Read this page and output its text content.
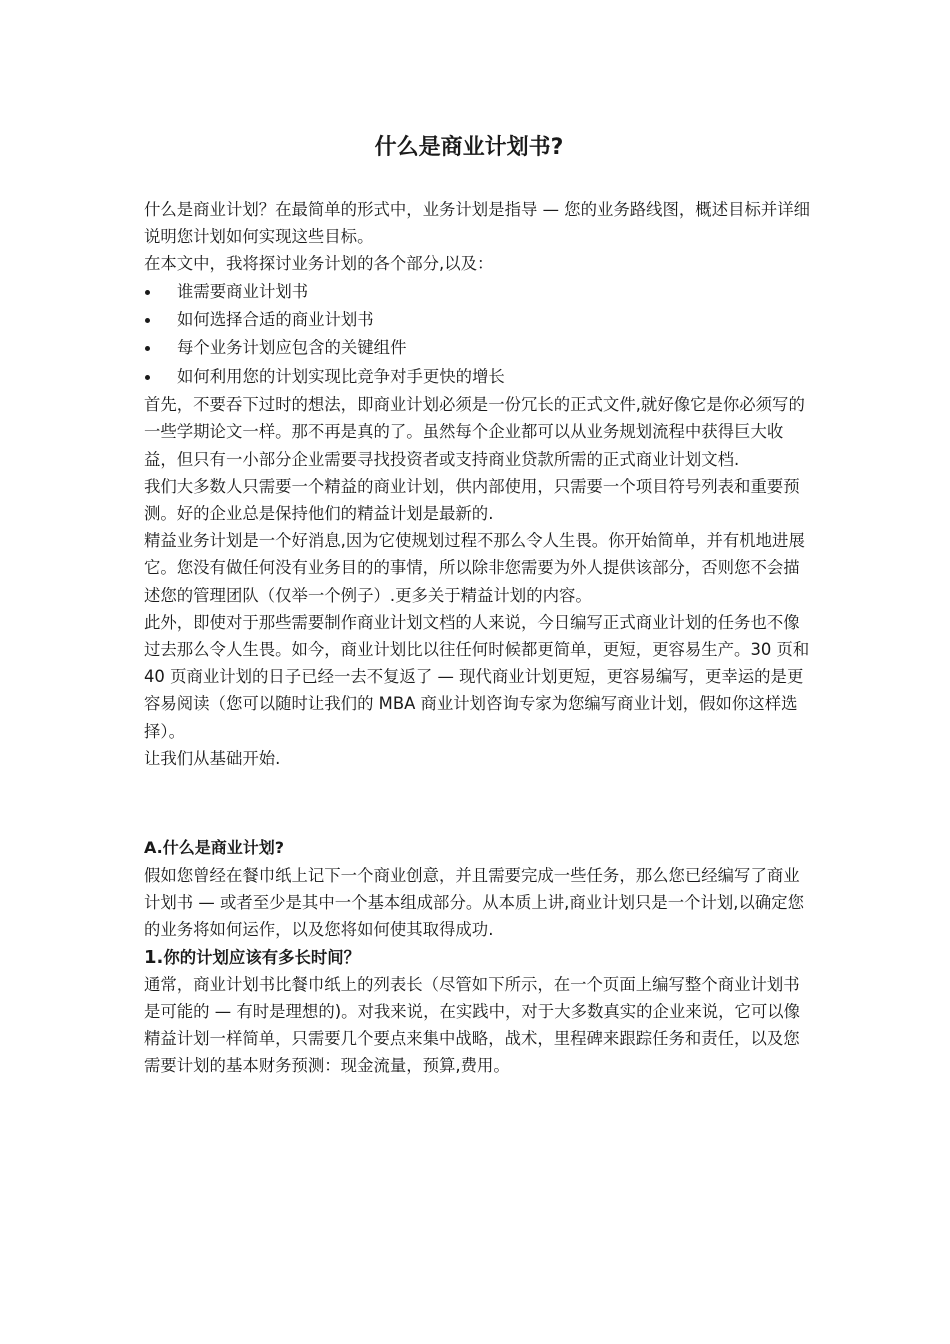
什么是商业计划书?

什么是商业计划？在最简单的形式中，业务计划是指导 — 您的业务路线图，概述目标并详细说明您计划如何实现这些目标。

在本文中，我将探讨业务计划的各个部分,以及：

谁需要商业计划书
如何选择合适的商业计划书
每个业务计划应包含的关键组件
如何利用您的计划实现比竞争对手更快的增长

首先，不要吞下过时的想法，即商业计划必须是一份冗长的正式文件,就好像它是你必须写的一些学期论文一样。那不再是真的了。虽然每个企业都可以从业务规划流程中获得巨大收益，但只有一小部分企业需要寻找投资者或支持商业贷款所需的正式商业计划文档.

我们大多数人只需要一个精益的商业计划，供内部使用，只需要一个项目符号列表和重要预测。好的企业总是保持他们的精益计划是最新的.

精益业务计划是一个好消息,因为它使规划过程不那么令人生畏。你开始简单，并有机地进展它。您没有做任何没有业务目的的事情，所以除非您需要为外人提供该部分，否则您不会描述您的管理团队（仅举一个例子）.更多关于精益计划的内容。

此外，即使对于那些需要制作商业计划文档的人来说，今日编写正式商业计划的任务也不像过去那么令人生畏。如今，商业计划比以往任何时候都更简单，更短，更容易生产。30 页和 40 页商业计划的日子已经一去不复返了 — 现代商业计划更短，更容易编写，更幸运的是更容易阅读（您可以随时让我们的 MBA 商业计划咨询专家为您编写商业计划，假如你这样选择）。

让我们从基础开始.

A.什么是商业计划?

假如您曾经在餐巾纸上记下一个商业创意，并且需要完成一些任务，那么您已经编写了商业计划书 — 或者至少是其中一个基本组成部分。从本质上讲,商业计划只是一个计划,以确定您的业务将如何运作，以及您将如何使其取得成功.

1.你的计划应该有多长时间？

通常，商业计划书比餐巾纸上的列表长（尽管如下所示，在一个页面上编写整个商业计划书是可能的 — 有时是理想的)。对我来说，在实践中，对于大多数真实的企业来说，它可以像精益计划一样简单，只需要几个要点来集中战略，战术，里程碑来跟踪任务和责任，以及您需要计划的基本财务预测：现金流量，预算,费用。
